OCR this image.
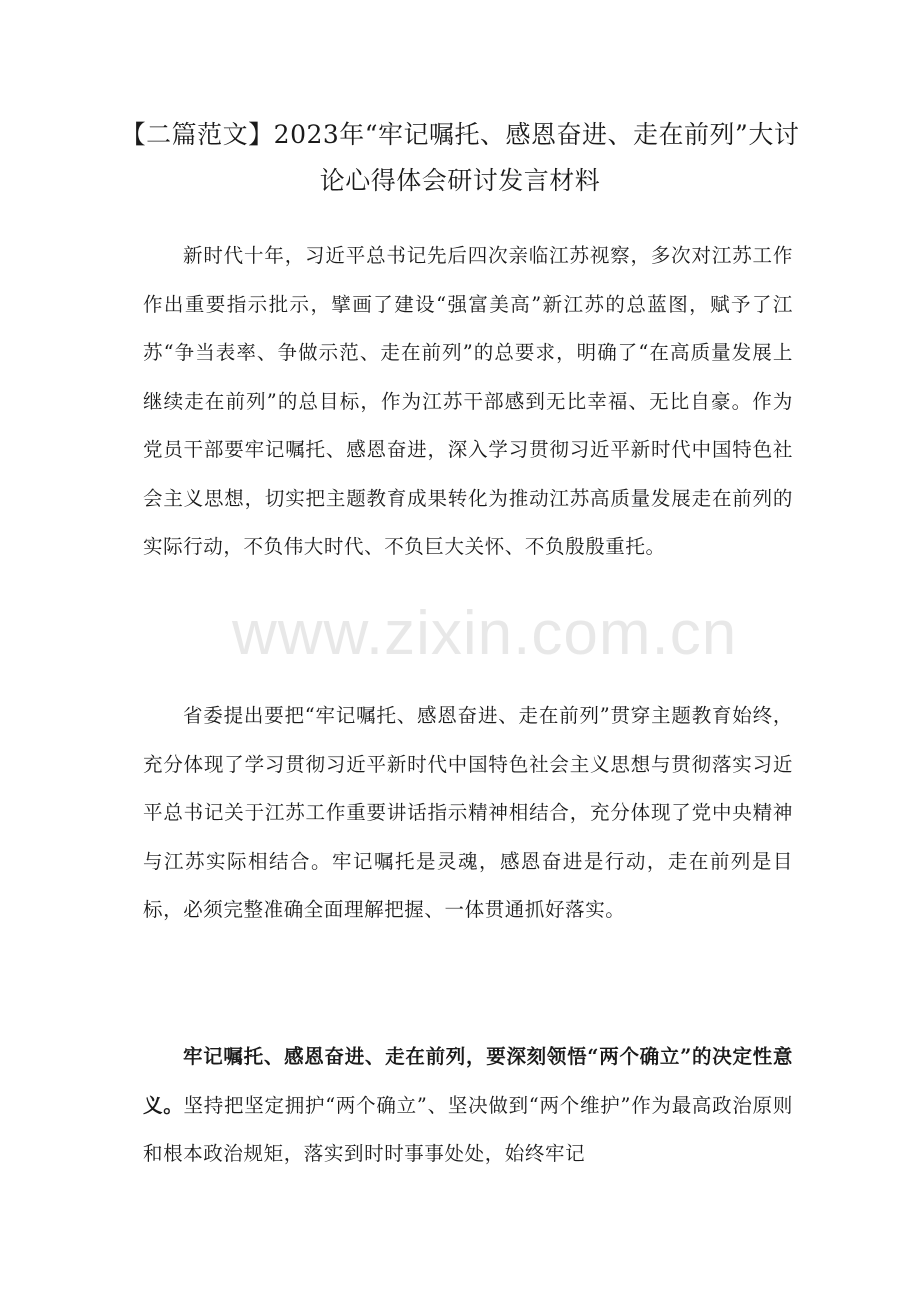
【二篇范文】2023年“牢记嘱托、感恩奋进、走在前列”大讨论心得体会研讨发言材料

新时代十年，习近平总书记先后四次亲临江苏视察，多次对江苏工作作出重要指示批示，擘画了建设“强富美高”新江苏的总蓝图，赋予了江苏“争当表率、争做示范、走在前列”的总要求，明确了“在高质量发展上继续走在前列”的总目标，作为江苏干部感到无比幸福、无比自豪。作为党员干部要牢记嘱托、感恩奋进，深入学习贯彻习近平新时代中国特色社会主义思想，切实把主题教育成果转化为推动江苏高质量发展走在前列的实际行动，不负伟大时代、不负巨大关怀、不负殷殷重托。

省委提出要把“牢记嘱托、感恩奋进、走在前列”贯穿主题教育始终，充分体现了学习贯彻习近平新时代中国特色社会主义思想与贯彻落实习近平总书记关于江苏工作重要讲话指示精神相结合，充分体现了党中央精神与江苏实际相结合。牢记嘱托是灵魂，感恩奋进是行动，走在前列是目标，必须完整准确全面理解把握、一体贯通抓好落实。

牢记嘱托、感恩奋进、走在前列，要深刻领悟“两个确立”的决定性意义。坚持把坚定拥护“两个确立”、坚决做到“两个维护”作为最高政治原则和根本政治规矩，落实到时时事事处处，始终牢记

www.zixin.com.cn
